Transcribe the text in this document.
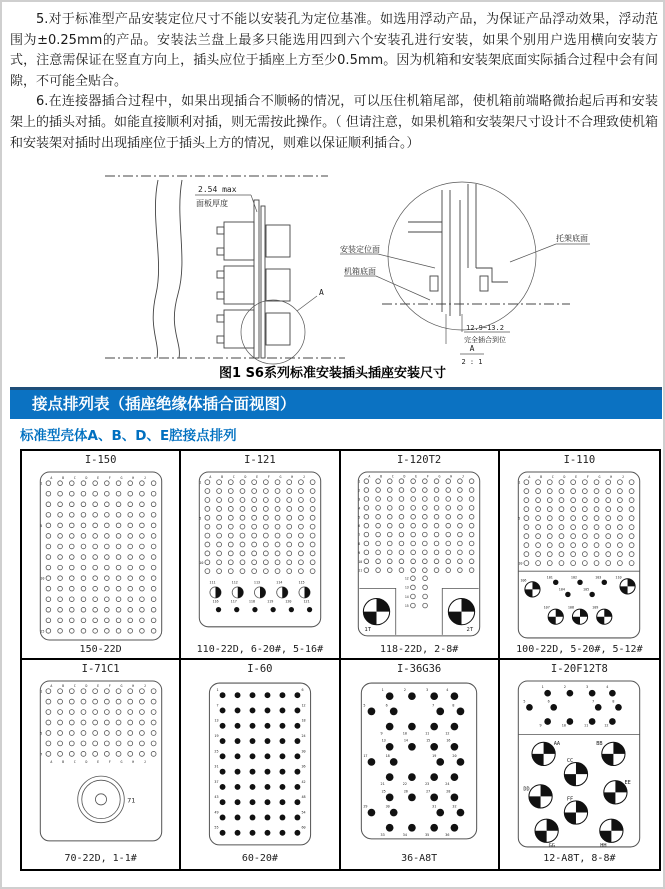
5.对于标准型产品安装定位尺寸不能以安装孔为定位基准。如选用浮动产品，为保证产品浮动效果，浮动范围为±0.25mm的产品。安装法兰盘上最多只能选用四到六个安装孔进行安装，如果个别用户选用横向安装方式，注意需保证在竖直方向上，插头应位于插座上方至少0.5mm。因为机箱和安装架底面实际插合过程中会有间隙，不可能全贴合。

6.在连接器插合过程中，如果出现插合不顺畅的情况，可以压住机箱尾部，使机箱前端略微抬起后再和安装架上的插头对插。如能直接顺利对插，则无需按此操作。（ 但请注意，如果机箱和安装架尺寸设计不合理致使机箱和安装架对插时出现插座位于插头上方的情况，则难以保证顺利插合。）

2.54 max
面板厚度
A
安装定位面
机箱底面
托架底面
12.9~13.2
完全插合到位
A
2 : 1
图1 S6系列标准安装插头插座安装尺寸
接点排列表（插座绝缘体插合面视图）
标准型壳体A、B、D、E腔接点排列
I-150
A	B	C	D	E	F	G	H	J
1
5
10
15
150-22D
I-121
A	B	C	D	E	F	G	H	J
1
5
10
111	112	113	114	115
116	117	118	119	120	121
110-22D, 6-20#, 5-16#
I-120T2
A	B	C	D	E	F	G	H	J
1
2
3
4
5
6
7
8
9
10
11
12
13
14
15
1T	2T
118-22D, 2-8#
I-110
A	B	C	D	E	F	G	H	J
1
5
10
101	102	103
104	105
106
107	108	109
110
100-22D, 5-20#, 5-12#
I-71C1
A	B	C	D	E	F	G	H	J
A	B	C	D	E	F	G	H	J
1
5
7
71
70-22D, 1-1#
I-60
1	6
7	12
13	18
19	24
25	30
31	36
37	42
43	48
49	54
55	60
60-20#
I-36G36
1	2	3	4
5	6	7	8
9	10	11	12
13	14	15	16
17	18	19	20
21	22	23	24
25	26	27	28
29	30	31	32
33	34	35	36
36-A8T
I-20F12T8
1	2	3	4
5	6	7	8
9	10	11	12
AA	BB
CC
DD
EE
FF
GG	HH
12-A8T, 8-8#
